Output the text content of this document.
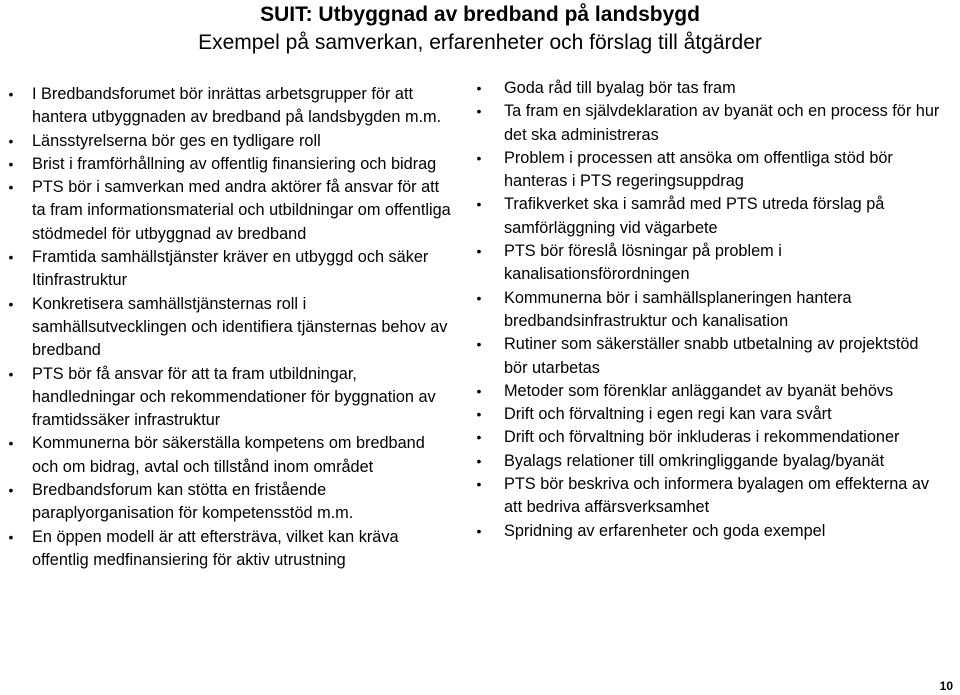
SUIT: Utbyggnad av bredband på landsbygd
Exempel på samverkan, erfarenheter och förslag till åtgärder
• I Bredbandsforumet bör inrättas arbetsgrupper för att hantera utbyggnaden av bredband på landsbygden m.m.
• Länsstyrelserna bör ges en tydligare roll
• Brist i framförhållning av offentlig finansiering och bidrag
• PTS bör i samverkan med andra aktörer få ansvar för att ta fram informationsmaterial och utbildningar om offentliga stödmedel för utbyggnad av bredband
• Framtida samhällstjänster kräver en utbyggd och säker Itinfrastruktur
• Konkretisera samhällstjänsternas roll i samhällsutvecklingen och identifiera tjänsternas behov av bredband
• PTS bör få ansvar för att ta fram utbildningar, handledningar och rekommendationer för byggnation av framtidssäker infrastruktur
• Kommunerna bör säkerställa kompetens om bredband och om bidrag, avtal och tillstånd inom området
• Bredbandsforum kan stötta en fristående paraplyorganisation för kompetensstöd m.m.
• En öppen modell är att eftersträva, vilket kan kräva offentlig medfinansiering för aktiv utrustning
• Goda råd till byalag bör tas fram
• Ta fram en självdeklaration av byanät och en process för hur det ska administreras
• Problem i processen att ansöka om offentliga stöd bör hanteras i PTS regeringsuppdrag
• Trafikverket ska i samråd med PTS utreda förslag på samförläggning vid vägarbete
• PTS bör föreslå lösningar på problem i kanalisationsförordningen
• Kommunerna bör i samhällsplaneringen hantera bredbandsinfrastruktur och kanalisation
• Rutiner som säkerställer snabb utbetalning av projektstöd bör utarbetas
• Metoder som förenklar anläggandet av byanät behövs
• Drift och förvaltning i egen regi kan vara svårt
• Drift och förvaltning bör inkluderas i rekommendationer
• Byalags relationer till omkringliggande byalag/byanät
• PTS bör beskriva och informera byalagen om effekterna av att bedriva affärsverksamhet
• Spridning av erfarenheter och goda exempel
10
